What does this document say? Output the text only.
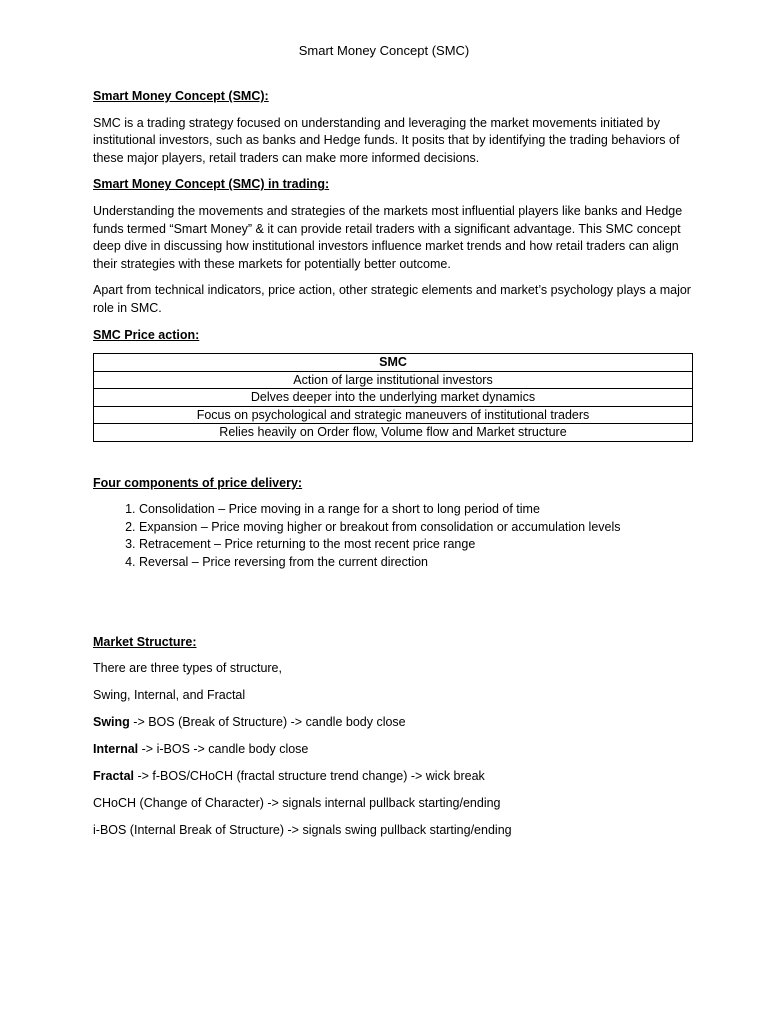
Smart Money Concept (SMC)

Smart Money Concept (SMC):

SMC is a trading strategy focused on understanding and leveraging the market movements initiated by institutional investors, such as banks and Hedge funds. It posits that by identifying the trading behaviors of these major players, retail traders can make more informed decisions.

Smart Money Concept (SMC) in trading:

Understanding the movements and strategies of the markets most influential players like banks and Hedge funds termed “Smart Money” & it can provide retail traders with a significant advantage. This SMC concept deep dive in discussing how institutional investors influence market trends and how retail traders can align their strategies with these markets for potentially better outcome.

Apart from technical indicators, price action, other strategic elements and market’s psychology plays a major role in SMC.

SMC Price action:

SMC
Action of large institutional investors
Delves deeper into the underlying market dynamics
Focus on psychological and strategic maneuvers of institutional traders
Relies heavily on Order flow, Volume flow and Market structure

Four components of price delivery:

1. Consolidation – Price moving in a range for a short to long period of time
2. Expansion – Price moving higher or breakout from consolidation or accumulation levels
3. Retracement – Price returning to the most recent price range
4. Reversal – Price reversing from the current direction

Market Structure:

There are three types of structure,

Swing, Internal, and Fractal

Swing -> BOS (Break of Structure) -> candle body close

Internal -> i-BOS -> candle body close

Fractal -> f-BOS/CHoCH (fractal structure trend change) -> wick break

CHoCH (Change of Character) -> signals internal pullback starting/ending

i-BOS (Internal Break of Structure) -> signals swing pullback starting/ending
